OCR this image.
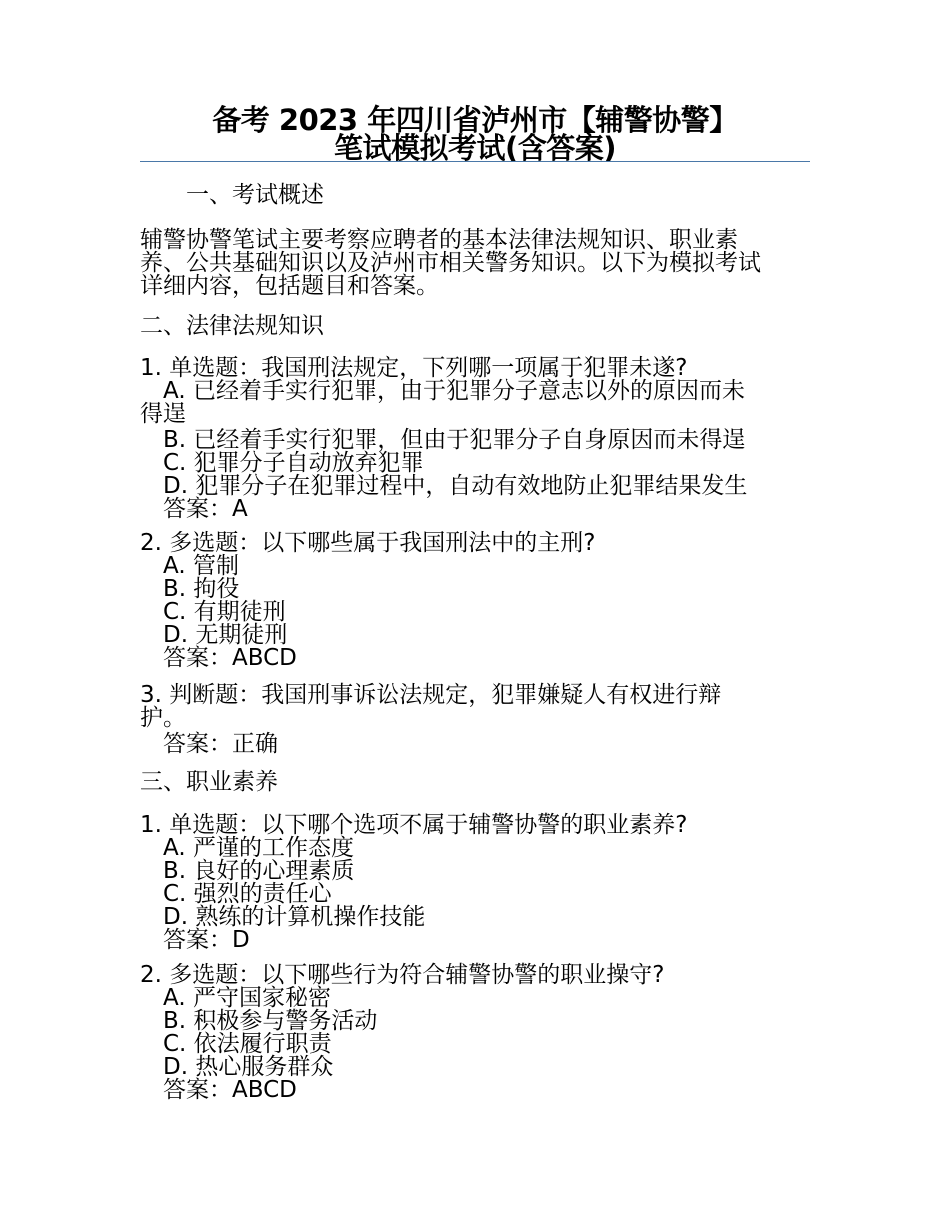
备考 2023 年四川省泸州市【辅警协警】
笔试模拟考试(含答案)
一、考试概述
辅警协警笔试主要考察应聘者的基本法律法规知识、职业素
养、公共基础知识以及泸州市相关警务知识。以下为模拟考试
详细内容，包括题目和答案。
二、法律法规知识
1. 单选题：我国刑法规定，下列哪一项属于犯罪未遂?
A. 已经着手实行犯罪，由于犯罪分子意志以外的原因而未
得逞
B. 已经着手实行犯罪，但由于犯罪分子自身原因而未得逞
C. 犯罪分子自动放弃犯罪
D. 犯罪分子在犯罪过程中，自动有效地防止犯罪结果发生
答案：A
2. 多选题：以下哪些属于我国刑法中的主刑?
A. 管制
B. 拘役
C. 有期徒刑
D. 无期徒刑
答案：ABCD
3. 判断题：我国刑事诉讼法规定，犯罪嫌疑人有权进行辩
护。
答案：正确
三、职业素养
1. 单选题：以下哪个选项不属于辅警协警的职业素养?
A. 严谨的工作态度
B. 良好的心理素质
C. 强烈的责任心
D. 熟练的计算机操作技能
答案：D
2. 多选题：以下哪些行为符合辅警协警的职业操守?
A. 严守国家秘密
B. 积极参与警务活动
C. 依法履行职责
D. 热心服务群众
答案：ABCD
